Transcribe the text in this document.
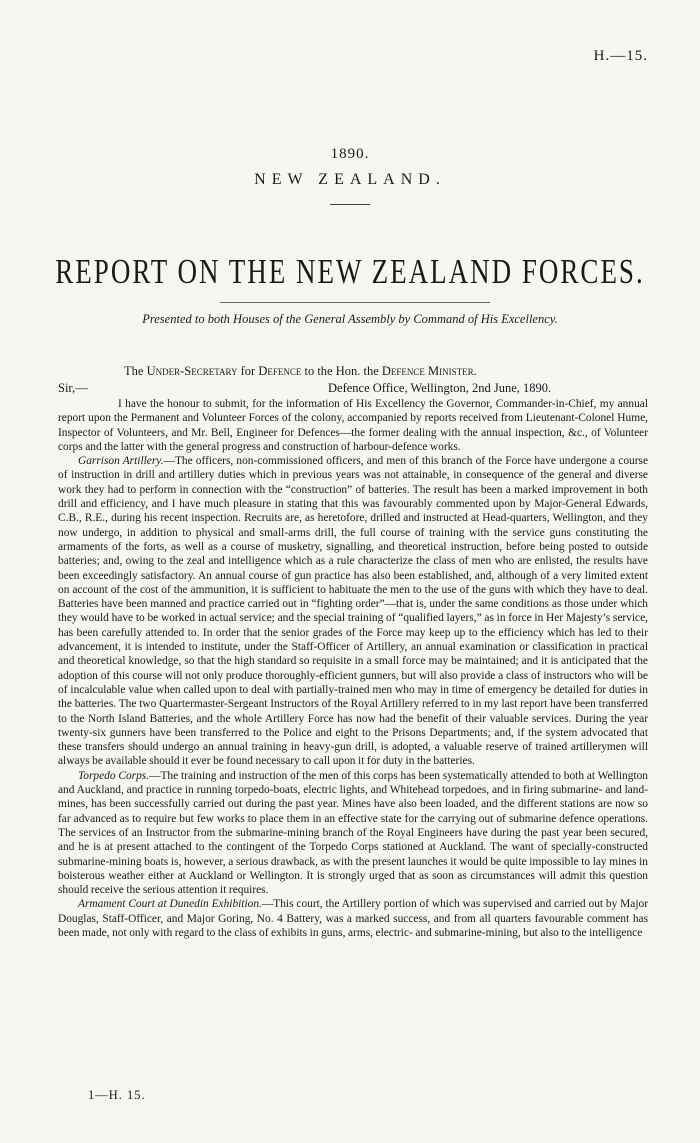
H.—15.
1890.
NEW ZEALAND.
REPORT ON THE NEW ZEALAND FORCES.
Presented to both Houses of the General Assembly by Command of His Excellency.
The Under-Secretary for Defence to the Hon. the Defence Minister.
Sir,—	Defence Office, Wellington, 2nd June, 1890.

I have the honour to submit, for the information of His Excellency the Governor, Commander-in-Chief, my annual report upon the Permanent and Volunteer Forces of the colony, accompanied by reports received from Lieutenant-Colonel Hume, Inspector of Volunteers, and Mr. Bell, Engineer for Defences—the former dealing with the annual inspection, &c., of Volunteer corps and the latter with the general progress and construction of harbour-defence works.

Garrison Artillery.—The officers, non-commissioned officers, and men of this branch of the Force have undergone a course of instruction in drill and artillery duties which in previous years was not attainable, in consequence of the general and diverse work they had to perform in connection with the “construction” of batteries. The result has been a marked improvement in both drill and efficiency, and I have much pleasure in stating that this was favourably commented upon by Major-General Edwards, C.B., R.E., during his recent inspection. Recruits are, as heretofore, drilled and instructed at Head-quarters, Wellington, and they now undergo, in addition to physical and small-arms drill, the full course of training with the service guns constituting the armaments of the forts, as well as a course of musketry, signalling, and theoretical instruction, before being posted to outside batteries; and, owing to the zeal and intelligence which as a rule characterize the class of men who are enlisted, the results have been exceedingly satisfactory. An annual course of gun practice has also been established, and, although of a very limited extent on account of the cost of the ammunition, it is sufficient to habituate the men to the use of the guns with which they have to deal. Batteries have been manned and practice carried out in “fighting order”—that is, under the same conditions as those under which they would have to be worked in actual service; and the special training of “qualified layers,” as in force in Her Majesty’s service, has been carefully attended to. In order that the senior grades of the Force may keep up to the efficiency which has led to their advancement, it is intended to institute, under the Staff-Officer of Artillery, an annual examination or classification in practical and theoretical knowledge, so that the high standard so requisite in a small force may be maintained; and it is anticipated that the adoption of this course will not only produce thoroughly-efficient gunners, but will also provide a class of instructors who will be of incalculable value when called upon to deal with partially-trained men who may in time of emergency be detailed for duties in the batteries. The two Quartermaster-Sergeant Instructors of the Royal Artillery referred to in my last report have been transferred to the North Island Batteries, and the whole Artillery Force has now had the benefit of their valuable services. During the year twenty-six gunners have been transferred to the Police and eight to the Prisons Departments; and, if the system advocated that these transfers should undergo an annual training in heavy-gun drill, is adopted, a valuable reserve of trained artillerymen will always be available should it ever be found necessary to call upon it for duty in the batteries.

Torpedo Corps.—The training and instruction of the men of this corps has been systematically attended to both at Wellington and Auckland, and practice in running torpedo-boats, electric lights, and Whitehead torpedoes, and in firing submarine- and land-mines, has been successfully carried out during the past year. Mines have also been loaded, and the different stations are now so far advanced as to require but few works to place them in an effective state for the carrying out of submarine defence operations. The services of an Instructor from the submarine-mining branch of the Royal Engineers have during the past year been secured, and he is at present attached to the contingent of the Torpedo Corps stationed at Auckland. The want of specially-constructed submarine-mining boats is, however, a serious drawback, as with the present launches it would be quite impossible to lay mines in boisterous weather either at Auckland or Wellington. It is strongly urged that as soon as circumstances will admit this question should receive the serious attention it requires.

Armament Court at Dunedin Exhibition.—This court, the Artillery portion of which was supervised and carried out by Major Douglas, Staff-Officer, and Major Goring, No. 4 Battery, was a marked success, and from all quarters favourable comment has been made, not only with regard to the class of exhibits in guns, arms, electric- and submarine-mining, but also to the intelligence

1—H. 15.
